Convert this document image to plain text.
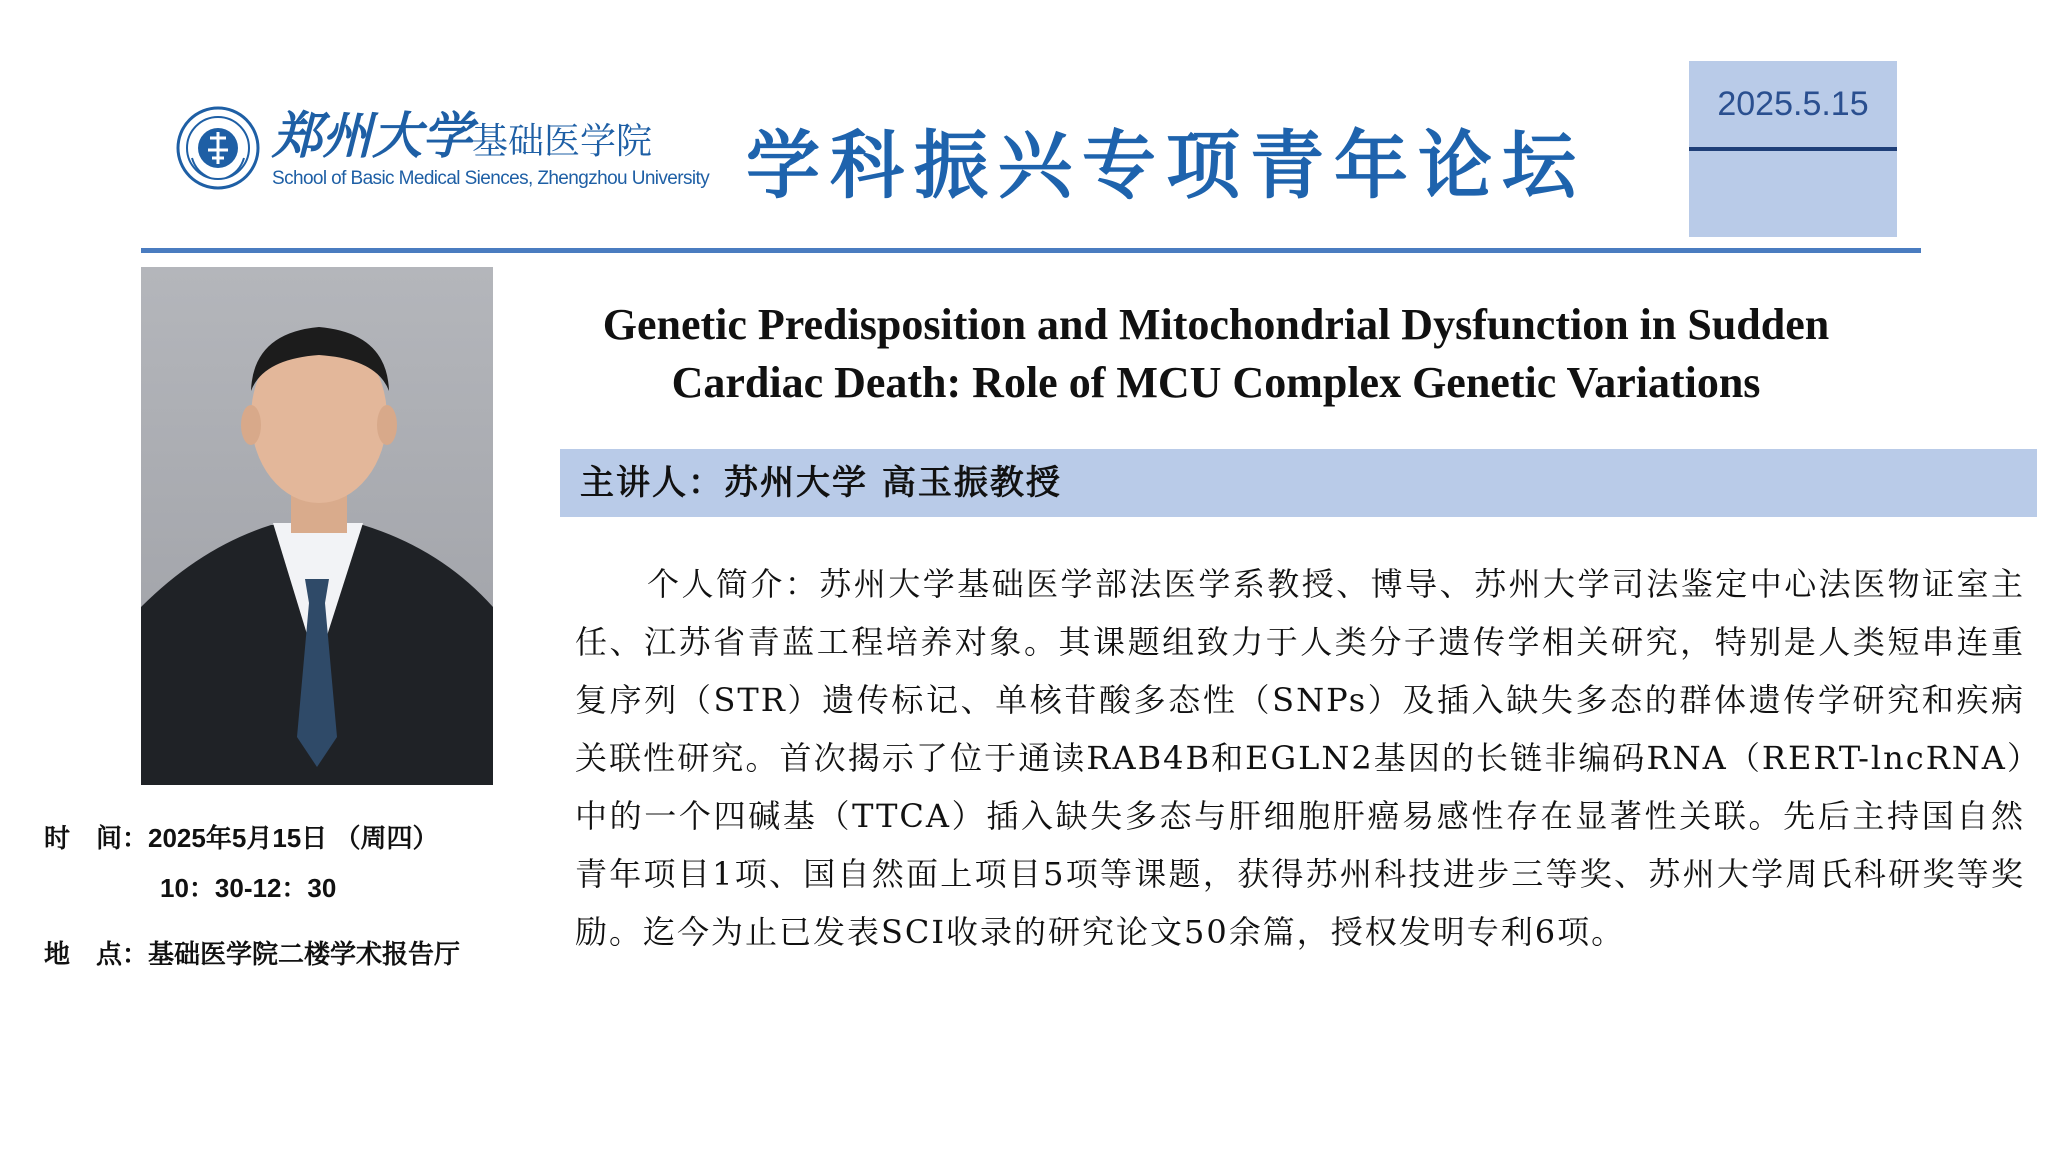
郑州大学基础医学院
School of Basic Medical Siences, Zhengzhou University 学科振兴专项青年论坛
2025.5.15
Genetic Predisposition and Mitochondrial Dysfunction in Sudden
Cardiac Death: Role of MCU Complex Genetic Variations
主讲人：苏州大学 高玉振教授
个人简介：苏州大学基础医学部法医学系教授、博导、苏州大学司法鉴定中心法医物证室主任、江苏省青蓝工程培养对象。其课题组致力于人类分子遗传学相关研究，特别是人类短串连重复序列（STR）遗传标记、单核苷酸多态性（SNPs）及插入缺失多态的群体遗传学研究和疾病关联性研究。首次揭示了位于通读RAB4B和EGLN2基因的长链非编码RNA（RERT-lncRNA）中的一个四碱基（TTCA）插入缺失多态与肝细胞肝癌易感性存在显著性关联。先后主持国自然青年项目1项、国自然面上项目5项等课题，获得苏州科技进步三等奖、苏州大学周氏科研奖等奖励。迄今为止已发表SCI收录的研究论文50余篇，授权发明专利6项。
时　间：2025年5月15日 （周四）
10：30-12：30
地　点：基础医学院二楼学术报告厅
